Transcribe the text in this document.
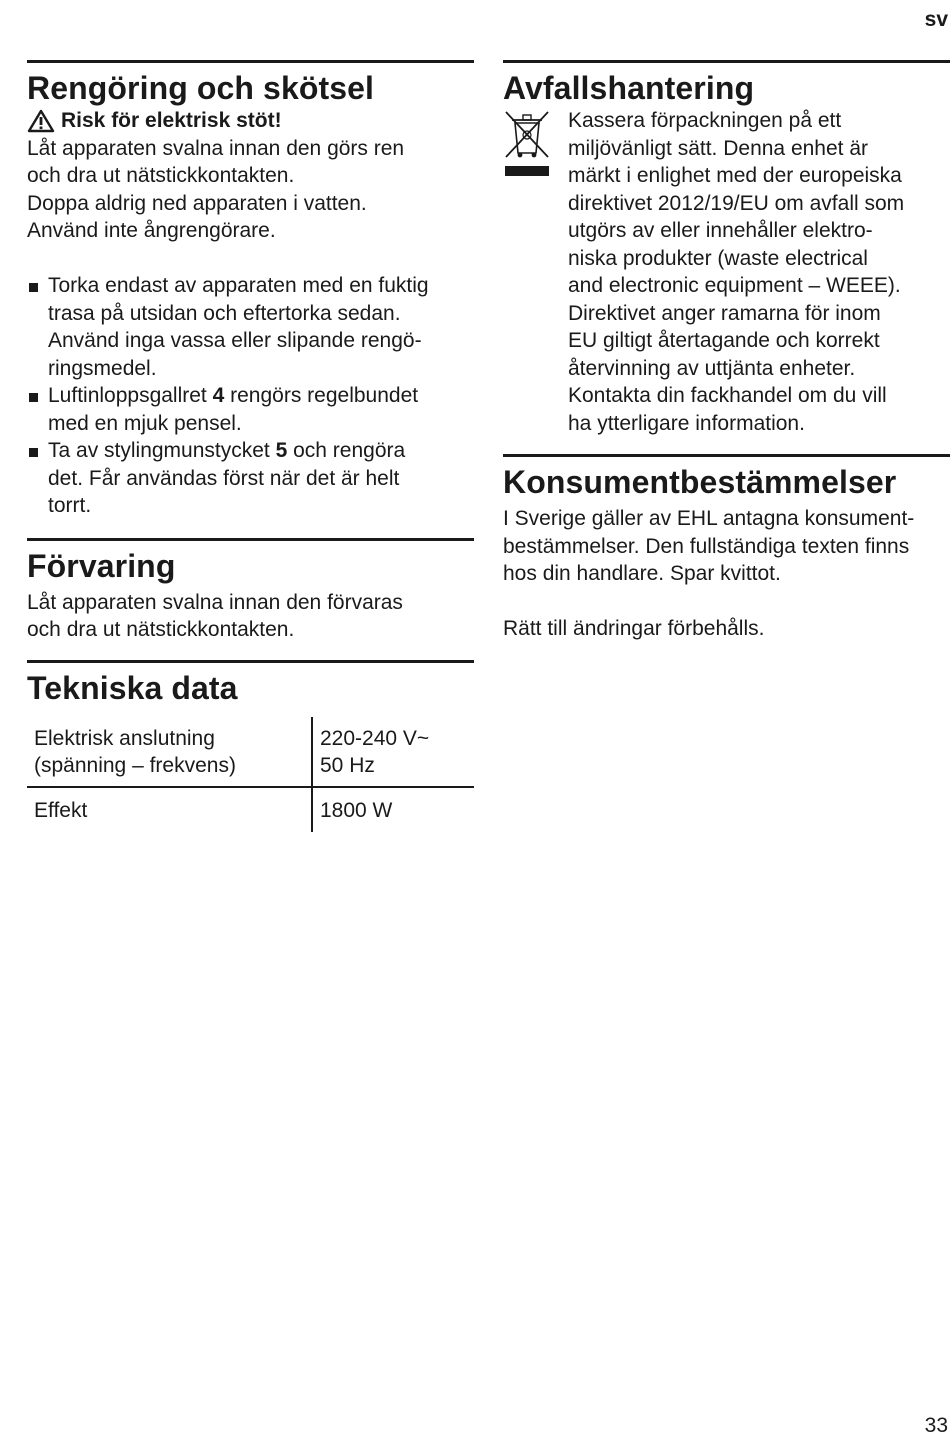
sv
Rengöring och skötsel
Risk för elektrisk stöt!

Låt apparaten svalna innan den görs ren
och dra ut nätstickkontakten.
Doppa aldrig ned apparaten i vatten.
Använd inte ångrengörare.

Torka endast av apparaten med en fuktig
trasa på utsidan och eftertorka sedan.
Använd inga vassa eller slipande rengö-
ringsmedel.
Luftinloppsgallret 4 rengörs regelbundet
med en mjuk pensel.
Ta av stylingmunstycket 5 och rengöra
det. Får användas först när det är helt
torrt.
Förvaring

Låt apparaten svalna innan den förvaras
och dra ut nätstickkontakten.

Tekniska data
Elektrisk anslutning
(spänning – frekvens)	220-240 V~
50 Hz
Effekt	1800 W
Avfallshantering

Kassera förpackningen på ett
miljövänligt sätt. Denna enhet är
märkt i enlighet med der europeiska
direktivet 2012/19/EU om avfall som
utgörs av eller innehåller elektro-
niska produkter (waste electrical
and electronic equipment – WEEE).
Direktivet anger ramarna för inom
EU giltigt återtagande och korrekt
återvinning av uttjänta enheter.
Kontakta din fackhandel om du vill
ha ytterligare information.

Konsumentbestämmelser

I Sverige gäller av EHL antagna konsument-
bestämmelser. Den fullständiga texten finns
hos din handlare. Spar kvittot.

Rätt till ändringar förbehålls.

33
